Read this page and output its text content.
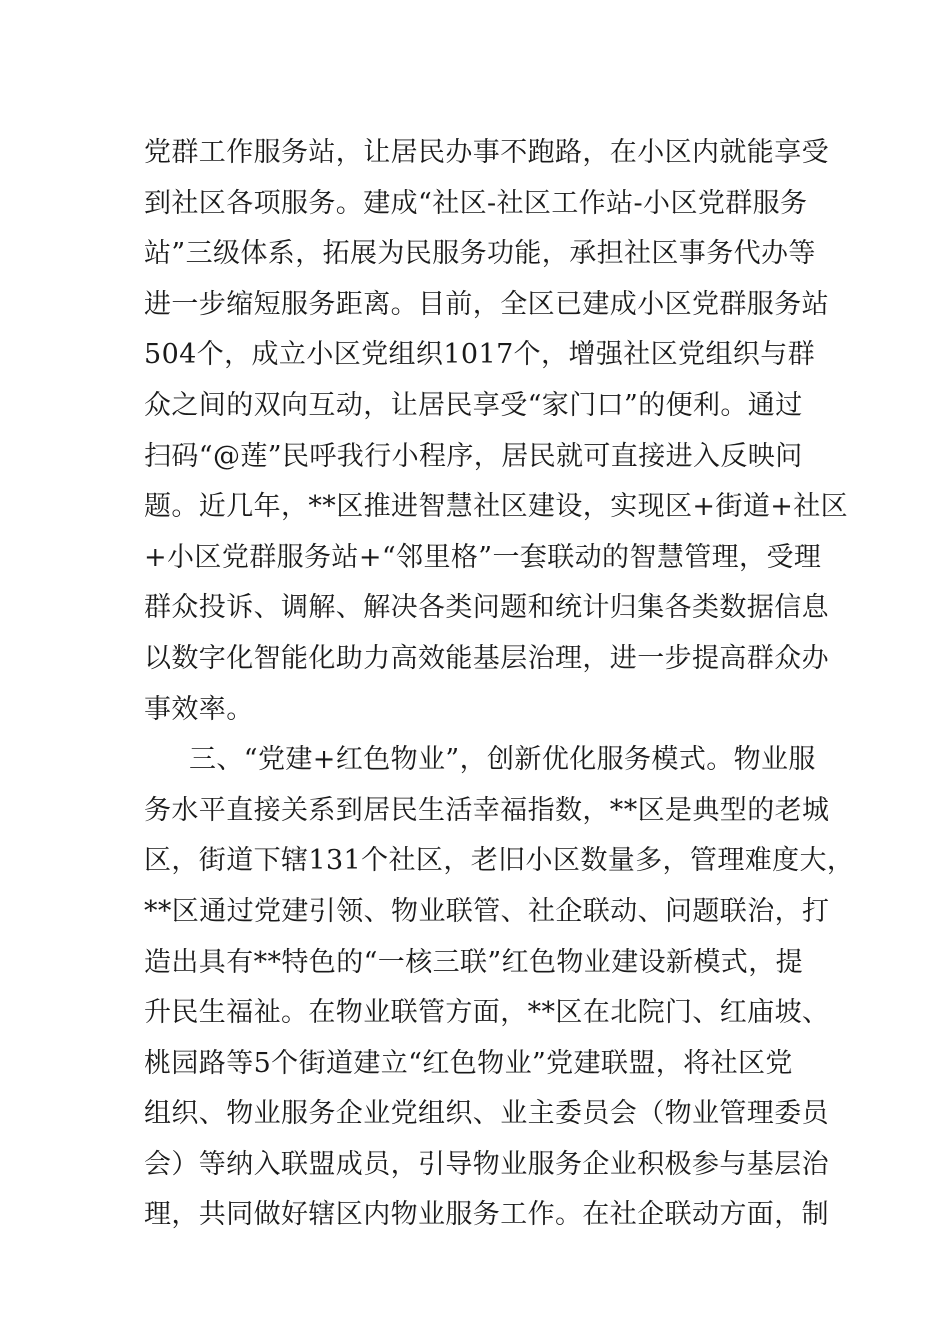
党群工作服务站，让居民办事不跑路，在小区内就能享受
到社区各项服务。建成“社区-社区工作站-小区党群服务
站”三级体系，拓展为民服务功能，承担社区事务代办等
进一步缩短服务距离。目前，全区已建成小区党群服务站
504个，成立小区党组织1017个，增强社区党组织与群
众之间的双向互动，让居民享受“家门口”的便利。通过
扫码“@莲”民呼我行小程序，居民就可直接进入反映问
题。近几年，**区推进智慧社区建设，实现区+街道+社区
+小区党群服务站+“邻里格”一套联动的智慧管理，受理
群众投诉、调解、解决各类问题和统计归集各类数据信息
以数字化智能化助力高效能基层治理，进一步提高群众办
事效率。
三、“党建+红色物业”，创新优化服务模式。物业服
务水平直接关系到居民生活幸福指数，**区是典型的老城
区，街道下辖131个社区，老旧小区数量多，管理难度大，
**区通过党建引领、物业联管、社企联动、问题联治，打
造出具有**特色的“一核三联”红色物业建设新模式，提
升民生福祉。在物业联管方面，**区在北院门、红庙坡、
桃园路等5个街道建立“红色物业”党建联盟，将社区党
组织、物业服务企业党组织、业主委员会（物业管理委员
会）等纳入联盟成员，引导物业服务企业积极参与基层治
理，共同做好辖区内物业服务工作。在社企联动方面，制
